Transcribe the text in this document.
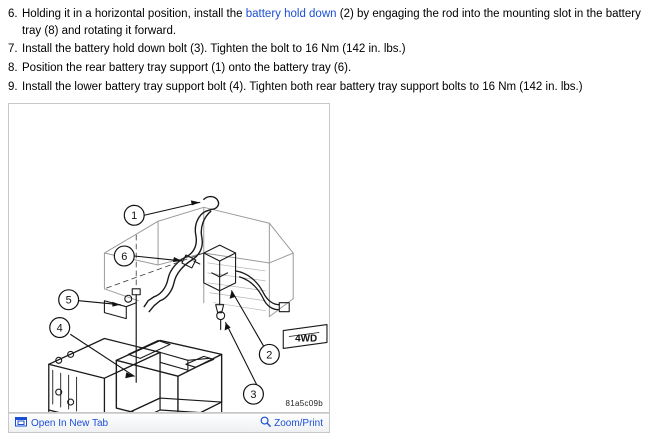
6. Holding it in a horizontal position, install the battery hold down (2) by engaging the rod into the mounting slot in the battery tray (8) and rotating it forward.

7. Install the battery hold down bolt (3). Tighten the bolt to 16 Nm (142 in. lbs.)

8. Position the rear battery tray support (1) onto the battery tray (6).

9. Install the lower battery tray support bolt (4). Tighten both rear battery tray support bolts to 16 Nm (142 in. lbs.)

1
6
5
4
2
3
4WD
81a5c09b
Open In New Tab	Zoom/Print
